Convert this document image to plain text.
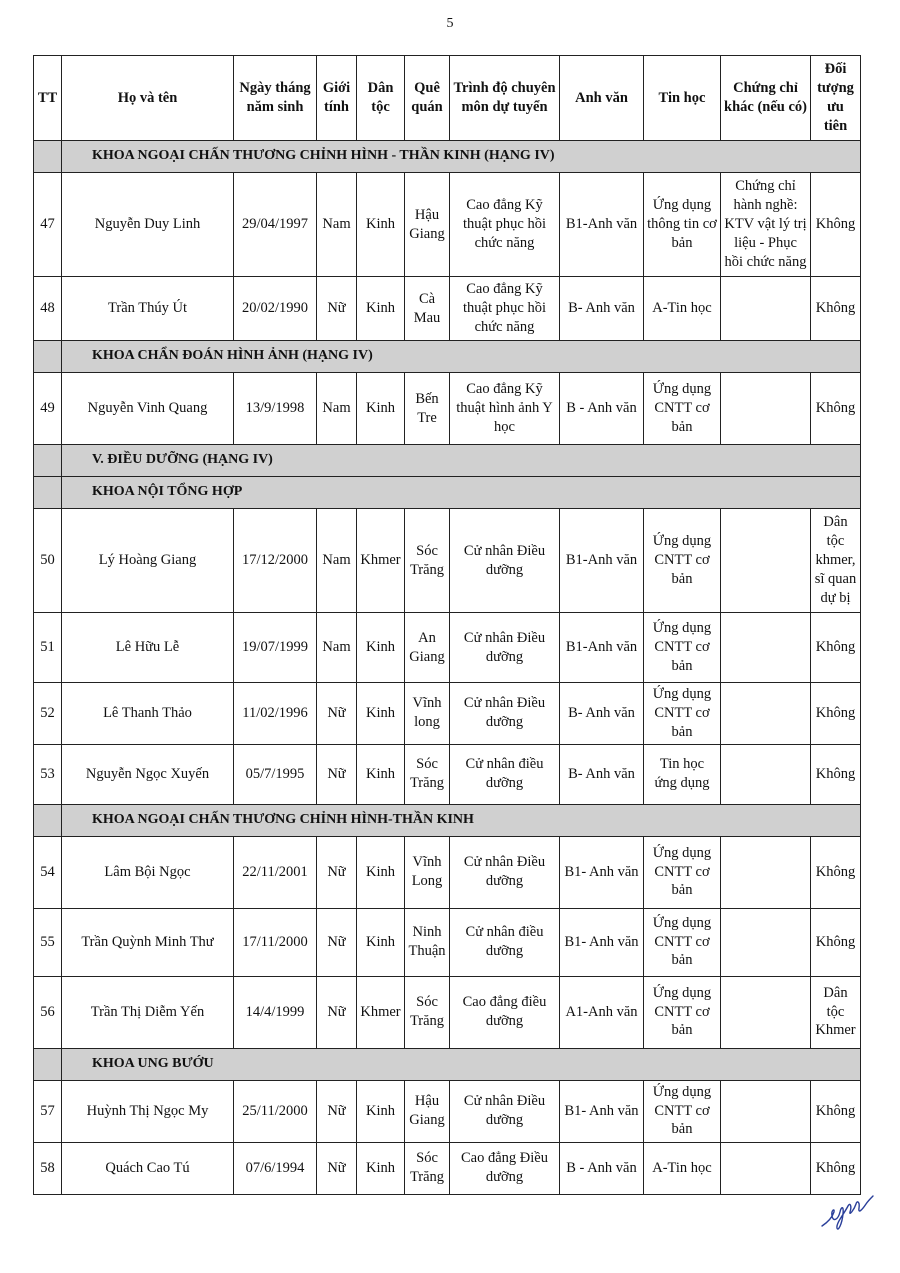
5
TT	Họ và tên	Ngày tháng năm sinh	Giới tính	Dân tộc	Quê quán	Trình độ chuyên môn dự tuyển	Anh văn	Tin học	Chứng chỉ khác (nếu có)	Đối tượng ưu tiên
	KHOA NGOẠI CHẤN THƯƠNG CHỈNH HÌNH - THẦN KINH (HẠNG IV)									
47	Nguyễn Duy Linh	29/04/1997	Nam	Kinh	Hậu Giang	Cao đẳng Kỹ thuật phục hồi chức năng	B1-Anh văn	Ứng dụng thông tin cơ bản	Chứng chỉ hành nghề: KTV vật lý trị liệu - Phục hồi chức năng	Không
48	Trần Thúy Út	20/02/1990	Nữ	Kinh	Cà Mau	Cao đẳng Kỹ thuật phục hồi chức năng	B- Anh văn	A-Tin học		Không
	KHOA CHẨN ĐOÁN HÌNH ẢNH (HẠNG IV)									
49	Nguyễn Vinh Quang	13/9/1998	Nam	Kinh	Bến Tre	Cao đẳng Kỹ thuật hình ảnh Y học	B - Anh văn	Ứng dụng CNTT cơ bản		Không
	V. ĐIỀU DƯỠNG (HẠNG IV)									
	KHOA NỘI TỔNG HỢP									
50	Lý Hoàng Giang	17/12/2000	Nam	Khmer	Sóc Trăng	Cử nhân Điều dưỡng	B1-Anh văn	Ứng dụng CNTT cơ bản		Dân tộc khmer, sĩ quan dự bị
51	Lê Hữu Lễ	19/07/1999	Nam	Kinh	An Giang	Cử nhân Điều dưỡng	B1-Anh văn	Ứng dụng CNTT cơ bản		Không
52	Lê Thanh Thảo	11/02/1996	Nữ	Kinh	Vĩnh long	Cử nhân Điều dưỡng	B- Anh văn	Ứng dụng CNTT cơ bản		Không
53	Nguyễn Ngọc Xuyến	05/7/1995	Nữ	Kinh	Sóc Trăng	Cử nhân điều dưỡng	B- Anh văn	Tin học ứng dụng		Không
	KHOA NGOẠI CHẤN THƯƠNG CHỈNH HÌNH-THẦN KINH									
54	Lâm Bội Ngọc	22/11/2001	Nữ	Kinh	Vĩnh Long	Cử nhân Điều dưỡng	B1- Anh văn	Ứng dụng CNTT cơ bản		Không
55	Trần Quỳnh Minh Thư	17/11/2000	Nữ	Kinh	Ninh Thuận	Cử nhân điều dưỡng	B1- Anh văn	Ứng dụng CNTT cơ bản		Không
56	Trần Thị Diễm Yến	14/4/1999	Nữ	Khmer	Sóc Trăng	Cao đẳng điều dưỡng	A1-Anh văn	Ứng dụng CNTT cơ bản		Dân tộc Khmer
	KHOA UNG BƯỚU									
57	Huỳnh Thị Ngọc My	25/11/2000	Nữ	Kinh	Hậu Giang	Cử nhân Điều dưỡng	B1- Anh văn	Ứng dụng CNTT cơ bản		Không
58	Quách Cao Tú	07/6/1994	Nữ	Kinh	Sóc Trăng	Cao đẳng Điều dưỡng	B - Anh văn	A-Tin học		Không
